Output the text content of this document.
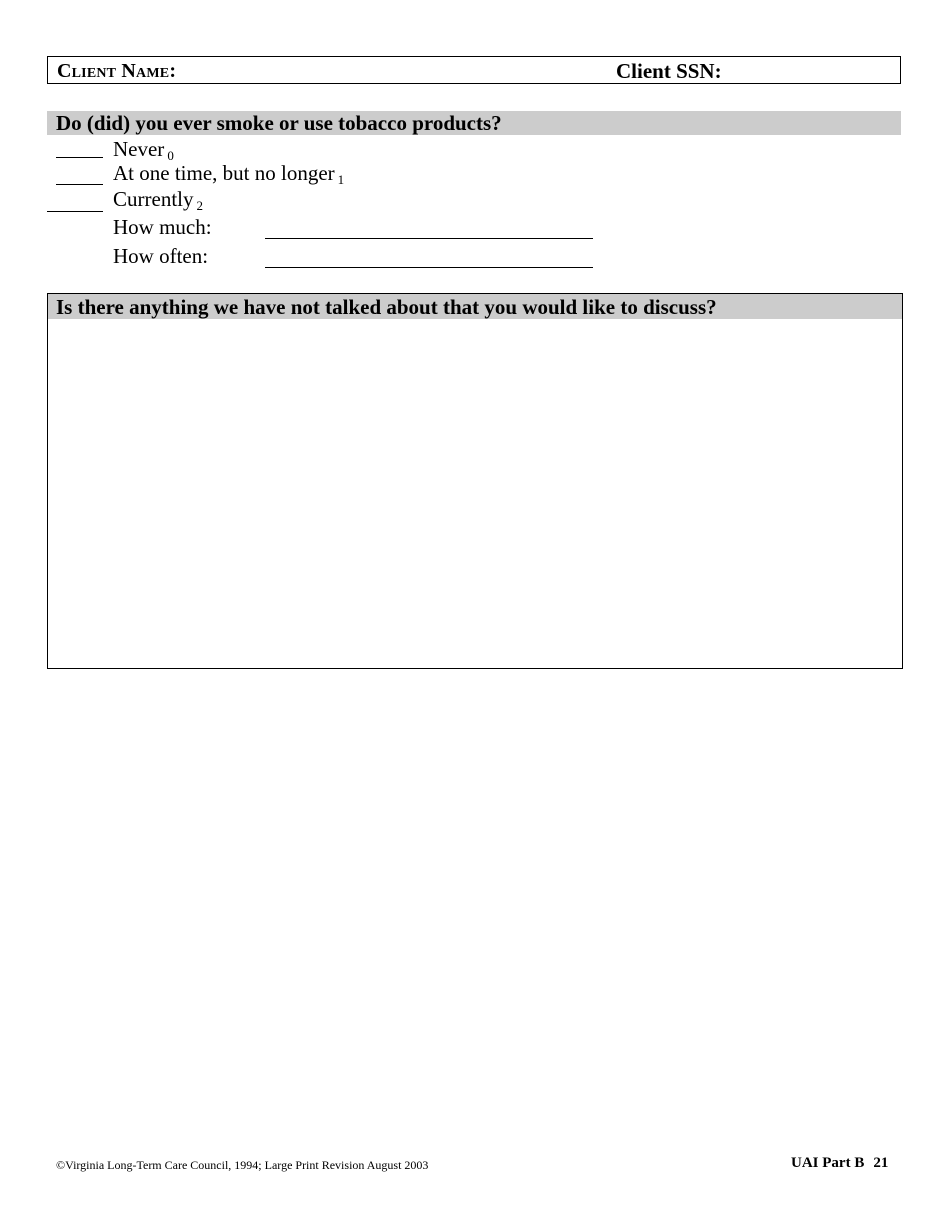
Client Name:	Client SSN:
Do (did) you ever smoke or use tobacco products?
Never 0
At one time, but no longer 1
Currently 2
How much:
How often:
Is there anything we have not talked about that you would like to discuss?
©Virginia Long-Term Care Council, 1994; Large Print Revision August 2003	UAI Part B 21
